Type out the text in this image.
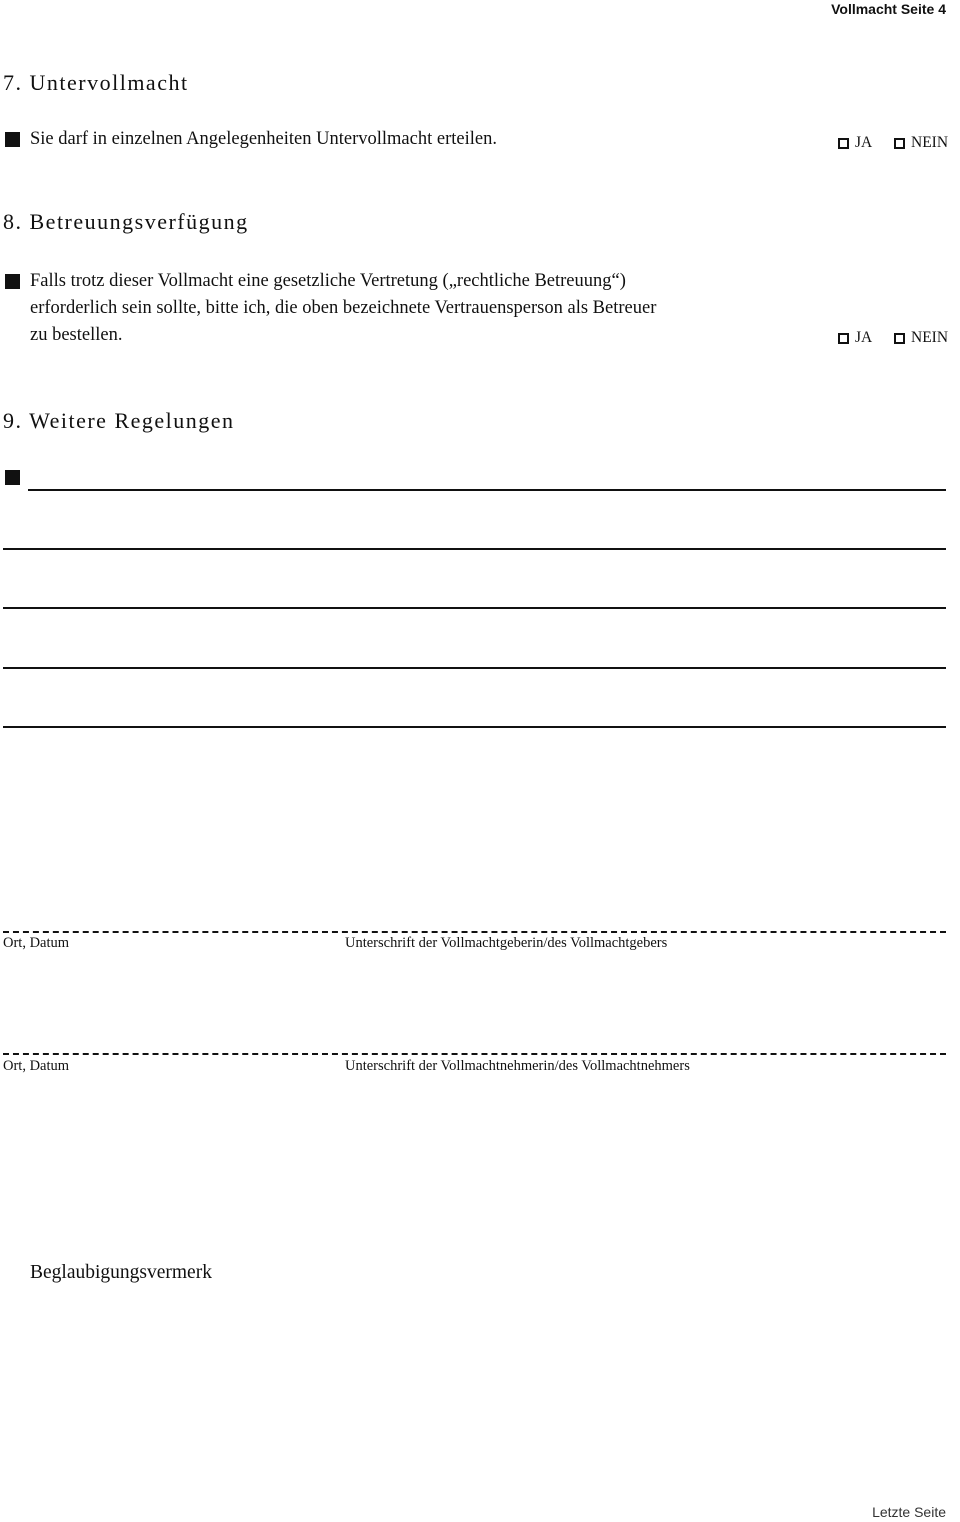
Vollmacht Seite 4
7. Untervollmacht
Sie darf in einzelnen Angelegenheiten Untervollmacht erteilen.	JA	NEIN
8. Betreuungsverfügung
Falls trotz dieser Vollmacht eine gesetzliche Vertretung („rechtliche Betreuung“)
erforderlich sein sollte, bitte ich, die oben bezeichnete Vertrauensperson als Betreuer
zu bestellen.	JA	NEIN
9. Weitere Regelungen
Ort, Datum	Unterschrift der Vollmachtgeberin/des Vollmachtgebers
Ort, Datum	Unterschrift der Vollmachtnehmerin/des Vollmachtnehmers
Beglaubigungsvermerk
Letzte Seite
